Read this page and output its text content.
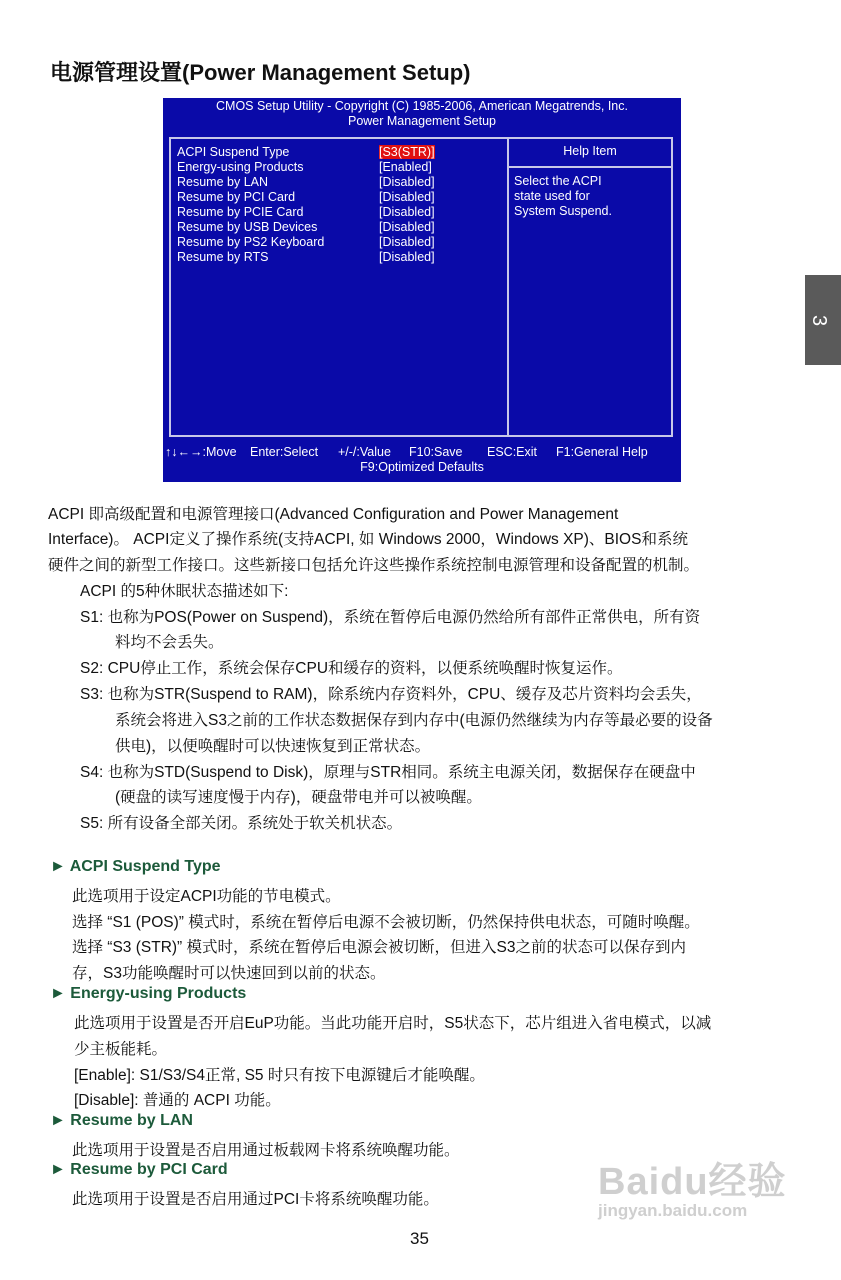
电源管理设置(Power Management Setup)
CMOS Setup Utility - Copyright (C) 1985-2006, American Megatrends, Inc.
Power Management Setup
ACPI Suspend Type	[S3(STR)]
Energy-using Products	[Enabled]
Resume by LAN	[Disabled]
Resume by PCI Card	[Disabled]
Resume by PCIE Card	[Disabled]
Resume by USB Devices	[Disabled]
Resume by PS2 Keyboard	[Disabled]
Resume by RTS	[Disabled]
Help Item
Select the ACPI
state used for
System Suspend.
↑↓←→:Move Enter:Select +/-/:Value F10:Save ESC:Exit F1:General Help
F9:Optimized Defaults
ACPI 即高级配置和电源管理接口(Advanced Configuration and Power Management
Interface)。 ACPI定义了操作系统(支持ACPI, 如 Windows 2000，Windows XP)、BIOS和系统
硬件之间的新型工作接口。这些新接口包括允许这些操作系统控制电源管理和设备配置的机制。
ACPI 的5种休眠状态描述如下:
S1: 也称为POS(Power on Suspend)，系统在暂停后电源仍然给所有部件正常供电，所有资
料均不会丢失。
S2: CPU停止工作，系统会保存CPU和缓存的资料，以便系统唤醒时恢复运作。
S3: 也称为STR(Suspend to RAM)，除系统内存资料外，CPU、缓存及芯片资料均会丢失，
系统会将进入S3之前的工作状态数据保存到内存中(电源仍然继续为内存等最必要的设备
供电)，以便唤醒时可以快速恢复到正常状态。
S4: 也称为STD(Suspend to Disk)，原理与STR相同。系统主电源关闭，数据保存在硬盘中
(硬盘的读写速度慢于内存)，硬盘带电并可以被唤醒。
S5: 所有设备全部关闭。系统处于软关机状态。
► ACPI Suspend Type
此选项用于设定ACPI功能的节电模式。
选择 “S1 (POS)” 模式时，系统在暂停后电源不会被切断，仍然保持供电状态，可随时唤醒。
选择 “S3 (STR)” 模式时，系统在暂停后电源会被切断，但进入S3之前的状态可以保存到内
存，S3功能唤醒时可以快速回到以前的状态。
► Energy-using Products
此选项用于设置是否开启EuP功能。当此功能开启时，S5状态下，芯片组进入省电模式，以减
少主板能耗。
[Enable]: S1/S3/S4正常, S5 时只有按下电源键后才能唤醒。
[Disable]: 普通的 ACPI 功能。
► Resume by LAN
此选项用于设置是否启用通过板载网卡将系统唤醒功能。
► Resume by PCI Card
此选项用于设置是否启用通过PCI卡将系统唤醒功能。
3
35
Baidu经验
jingyan.baidu.com
